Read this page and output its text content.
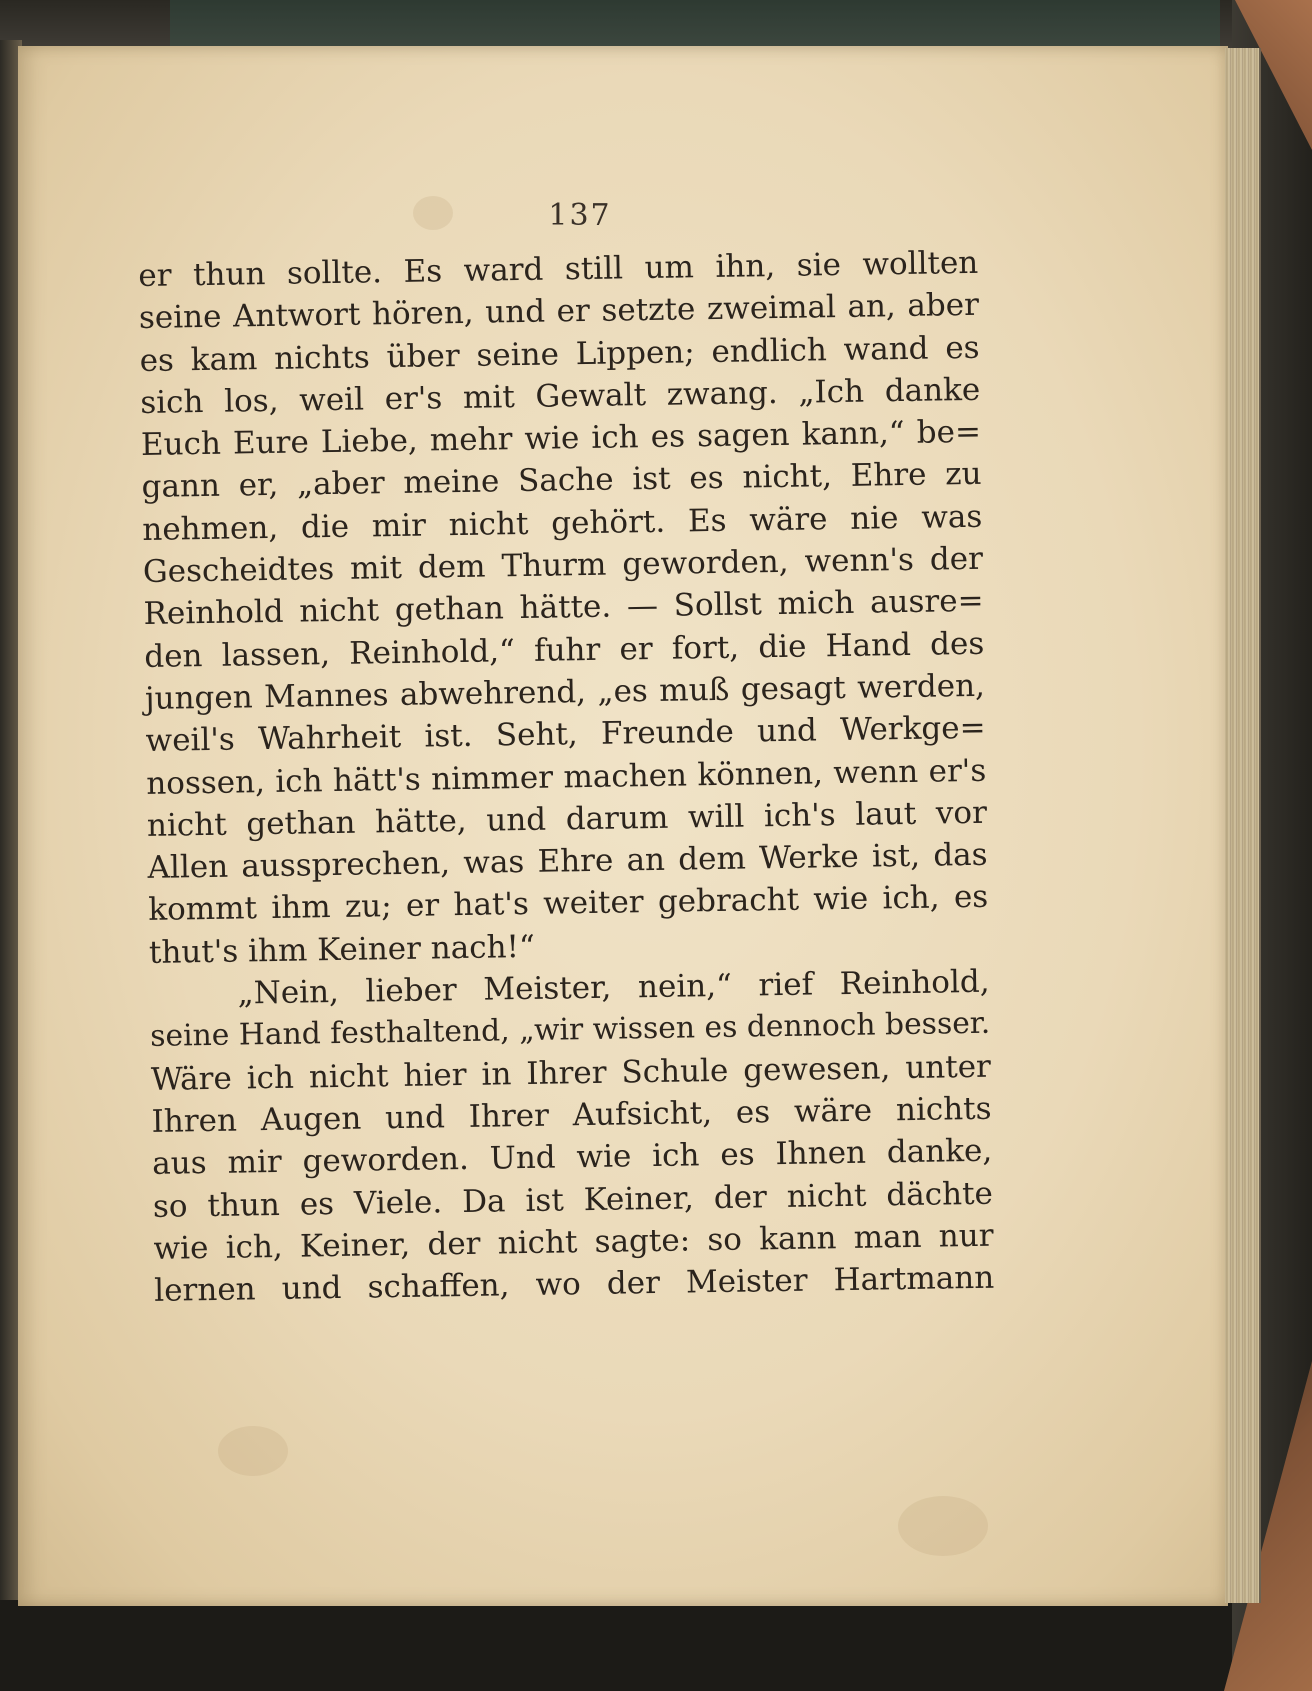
137
er thun sollte. Es ward still um ihn, sie wollten
seine Antwort hören, und er setzte zweimal an, aber
es kam nichts über seine Lippen; endlich wand es
sich los, weil er's mit Gewalt zwang. „Ich danke
Euch Eure Liebe, mehr wie ich es sagen kann,“ be=
gann er, „aber meine Sache ist es nicht, Ehre zu
nehmen, die mir nicht gehört. Es wäre nie was
Gescheidtes mit dem Thurm geworden, wenn's der
Reinhold nicht gethan hätte. — Sollst mich ausre=
den lassen, Reinhold,“ fuhr er fort, die Hand des
jungen Mannes abwehrend, „es muß gesagt werden,
weil's Wahrheit ist. Seht, Freunde und Werkge=
nossen, ich hätt's nimmer machen können, wenn er's
nicht gethan hätte, und darum will ich's laut vor
Allen aussprechen, was Ehre an dem Werke ist, das
kommt ihm zu; er hat's weiter gebracht wie ich, es
thut's ihm Keiner nach!“
„Nein, lieber Meister, nein,“ rief Reinhold,
seine Hand festhaltend, „wir wissen es dennoch besser.
Wäre ich nicht hier in Ihrer Schule gewesen, unter
Ihren Augen und Ihrer Aufsicht, es wäre nichts
aus mir geworden. Und wie ich es Ihnen danke,
so thun es Viele. Da ist Keiner, der nicht dächte
wie ich, Keiner, der nicht sagte: so kann man nur
lernen und schaffen, wo der Meister Hartmann
